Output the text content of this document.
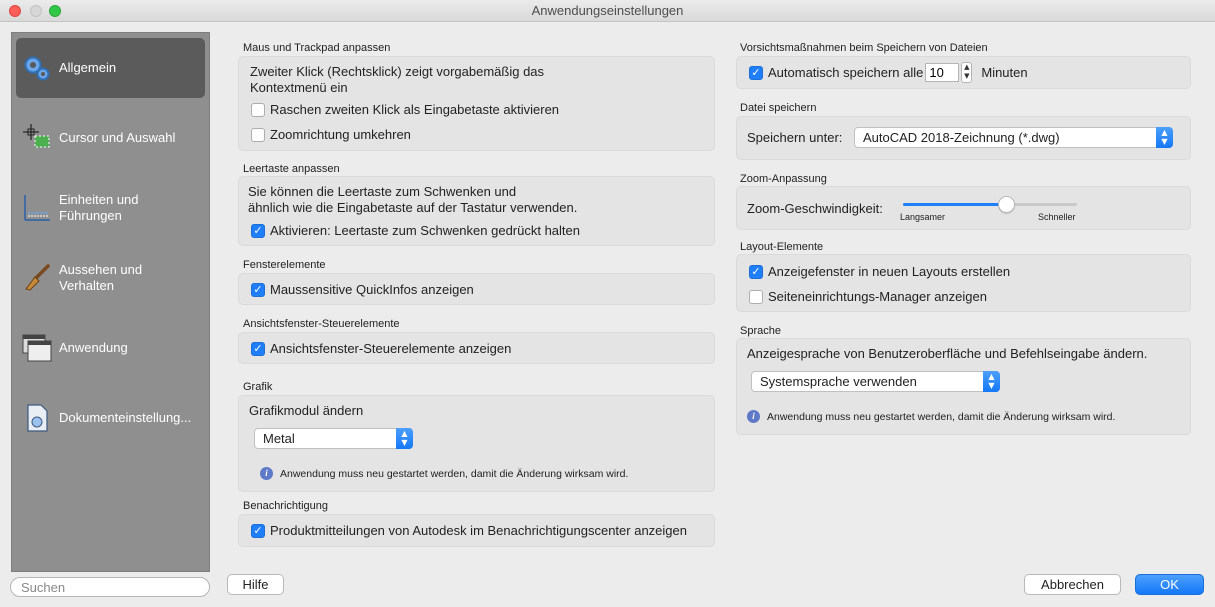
Anwendungseinstellungen
Allgemein
Cursor und Auswahl
Einheiten und
Führungen
Aussehen und
Verhalten
Anwendung
Dokumenteinstellung...
Suchen
Maus und Trackpad anpassen
Zweiter Klick (Rechtsklick) zeigt vorgabemäßig das
Kontextmenü ein
Raschen zweiten Klick als Eingabetaste aktivieren
Zoomrichtung umkehren
Leertaste anpassen
Sie können die Leertaste zum Schwenken und
ähnlich wie die Eingabetaste auf der Tastatur verwenden.
✓
Aktivieren: Leertaste zum Schwenken gedrückt halten
Fensterelemente
✓
Maussensitive QuickInfos anzeigen
Ansichtsfenster-Steuerelemente
✓
Ansichtsfenster-Steuerelemente anzeigen
Grafik
Grafikmodul ändern
Metal	▲
▼
i	Anwendung muss neu gestartet werden, damit die Änderung wirksam wird.
Benachrichtigung
✓
Produktmitteilungen von Autodesk im Benachrichtigungscenter anzeigen
Vorsichtsmaßnahmen beim Speichern von Dateien
✓
Automatisch speichern alle
10	▲
▼ Minuten
Datei speichern
Speichern unter:	AutoCAD 2018-Zeichnung (*.dwg)	▲
▼
Zoom-Anpassung
Zoom-Geschwindigkeit:
Langsamer	Schneller
Layout-Elemente
✓
Anzeigefenster in neuen Layouts erstellen
Seiteneinrichtungs-Manager anzeigen
Sprache
Anzeigesprache von Benutzeroberfläche und Befehlseingabe ändern.
Systemsprache verwenden	▲
▼
i	Anwendung muss neu gestartet werden, damit die Änderung wirksam wird.
Hilfe	Abbrechen	OK
